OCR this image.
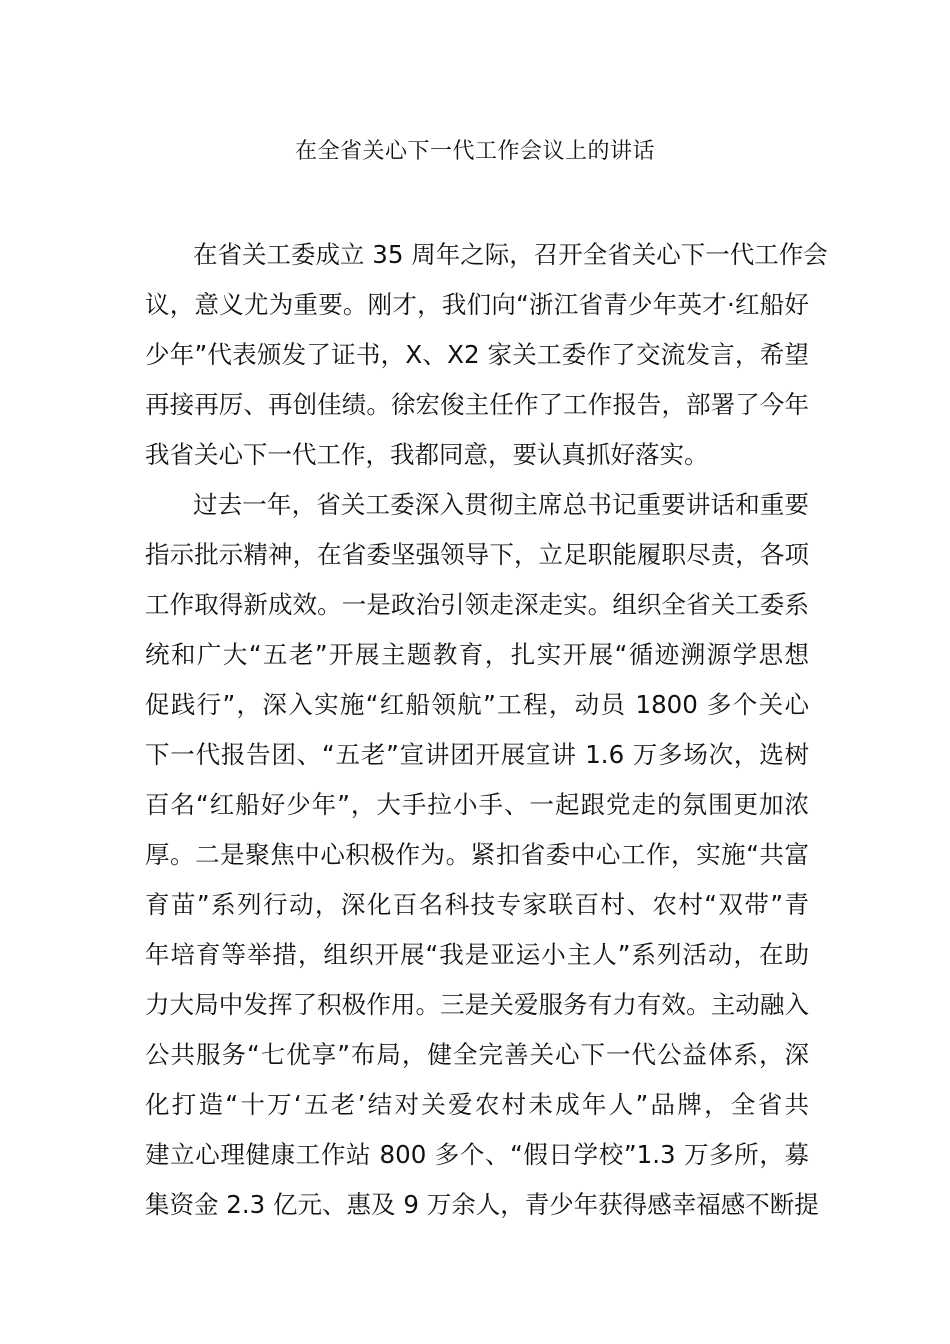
在全省关心下一代工作会议上的讲话
在省关工委成立 35 周年之际，召开全省关心下一代工作会
议，意义尤为重要。刚才，我们向“浙江省青少年英才·红船好
少年”代表颁发了证书，X、X2 家关工委作了交流发言，希望
再接再厉、再创佳绩。徐宏俊主任作了工作报告，部署了今年
我省关心下一代工作，我都同意，要认真抓好落实。
过去一年，省关工委深入贯彻主席总书记重要讲话和重要
指示批示精神，在省委坚强领导下，立足职能履职尽责，各项
工作取得新成效。一是政治引领走深走实。组织全省关工委系
统和广大“五老”开展主题教育，扎实开展“循迹溯源学思想
促践行”，深入实施“红船领航”工程，动员 1800 多个关心
下一代报告团、“五老”宣讲团开展宣讲 1.6 万多场次，选树
百名“红船好少年”，大手拉小手、一起跟党走的氛围更加浓
厚。二是聚焦中心积极作为。紧扣省委中心工作，实施“共富
育苗”系列行动，深化百名科技专家联百村、农村“双带”青
年培育等举措，组织开展“我是亚运小主人”系列活动，在助
力大局中发挥了积极作用。三是关爱服务有力有效。主动融入
公共服务“七优享”布局，健全完善关心下一代公益体系，深
化打造“十万‘五老’结对关爱农村未成年人”品牌，全省共
建立心理健康工作站 800 多个、“假日学校”1.3 万多所，募
集资金 2.3 亿元、惠及 9 万余人，青少年获得感幸福感不断提
